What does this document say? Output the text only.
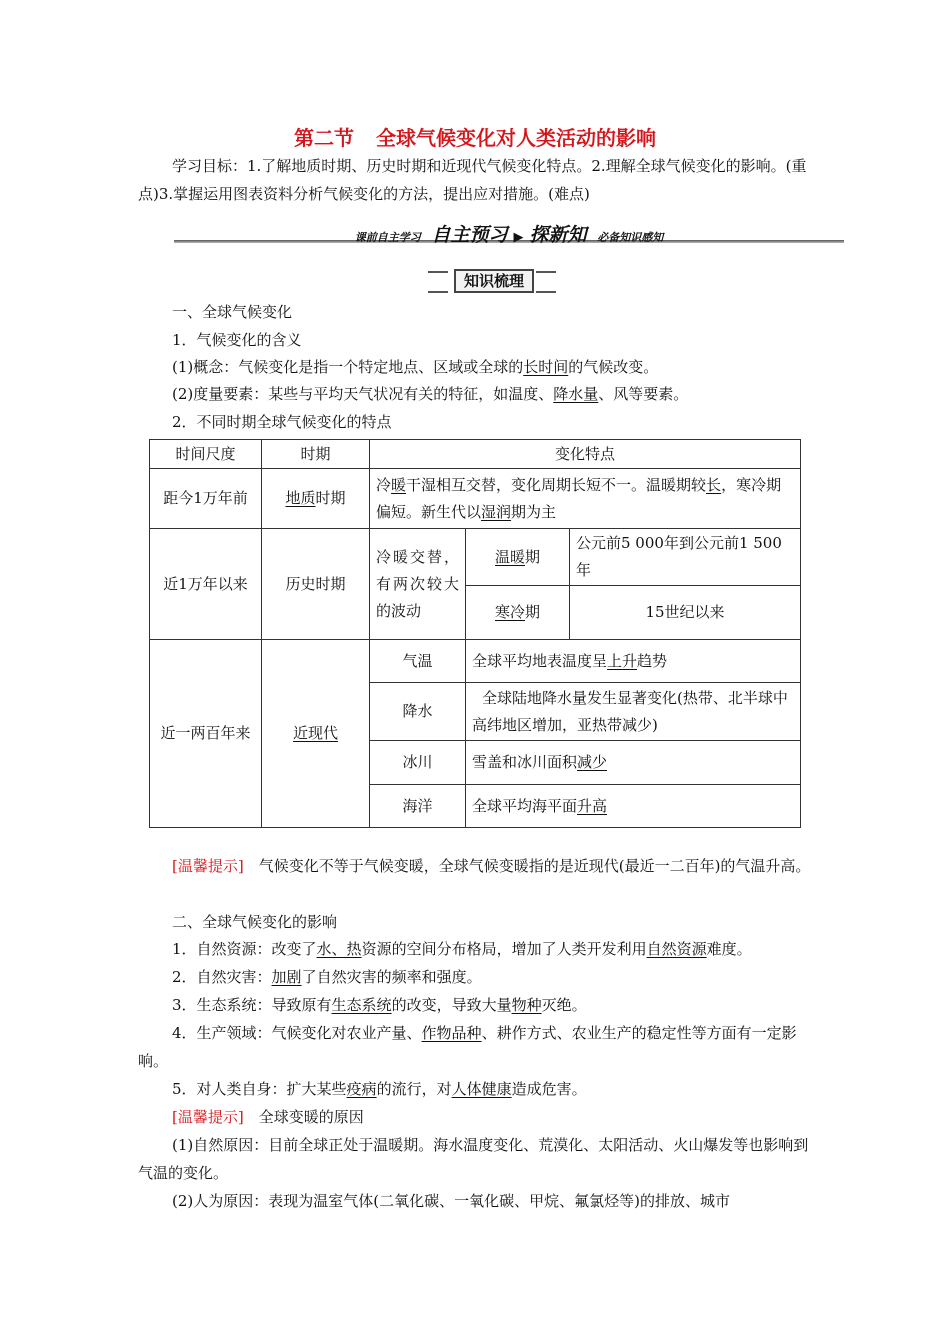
第二节 全球气候变化对人类活动的影响
学习目标：1.了解地质时期、历史时期和近现代气候变化特点。2.理解全球气候变化的影响。(重点)3.掌握运用图表资料分析气候变化的方法，提出应对措施。(难点)
课前自主学习 自主预习 ▶ 探新知 必备知识感知
知识梳理
一、全球气候变化
1．气候变化的含义
(1)概念：气候变化是指一个特定地点、区域或全球的长时间的气候改变。
(2)度量要素：某些与平均天气状况有关的特征，如温度、降水量、风等要素。
2．不同时期全球气候变化的特点
时间尺度	时期	变化特点		
距今1万年前	地质时期	冷暖干湿相互交替，变化周期长短不一。温暖期较长，寒冷期偏短。新生代以湿润期为主		
近1万年以来	历史时期	冷暖交替，有两次较大的波动	温暖期	公元前5 000年到公元前1 500年
			寒冷期	15世纪以来
近一两百年来	近现代	气温	全球平均地表温度呈上升趋势	
		降水	全球陆地降水量发生显著变化(热带、北半球中高纬地区增加，亚热带减少)	
		冰川	雪盖和冰川面积减少	
		海洋	全球平均海平面升高	
[温馨提示]　气候变化不等于气候变暖，全球气候变暖指的是近现代(最近一二百年)的气温升高。
二、全球气候变化的影响
1．自然资源：改变了水、热资源的空间分布格局，增加了人类开发利用自然资源难度。
2．自然灾害：加剧了自然灾害的频率和强度。
3．生态系统：导致原有生态系统的改变，导致大量物种灭绝。
4．生产领域：气候变化对农业产量、作物品种、耕作方式、农业生产的稳定性等方面有一定影响。
5．对人类自身：扩大某些疫病的流行，对人体健康造成危害。
[温馨提示]　全球变暖的原因
(1)自然原因：目前全球正处于温暖期。海水温度变化、荒漠化、太阳活动、火山爆发等也影响到气温的变化。
(2)人为原因：表现为温室气体(二氧化碳、一氧化碳、甲烷、氟氯烃等)的排放、城市
